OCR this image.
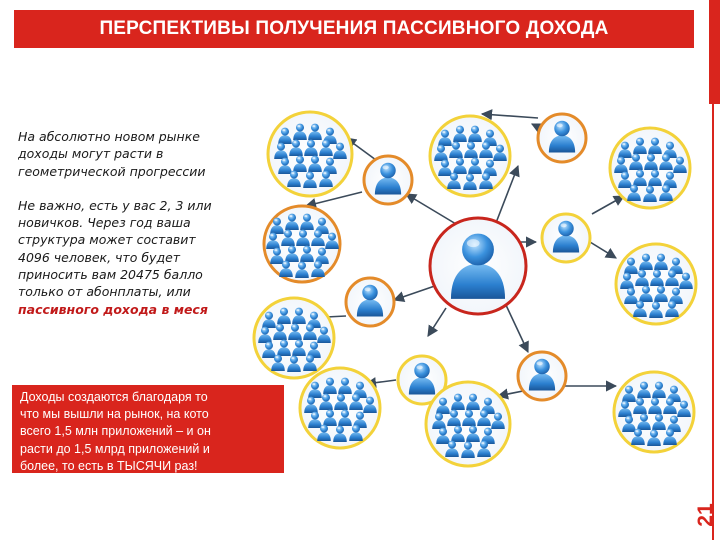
ПЕРСПЕКТИВЫ ПОЛУЧЕНИЯ ПАССИВНОГО ДОХОДА
21

На абсолютно новом рынке

доходы могут расти в

геометрической прогрессии

Не важно, есть у вас 2, 3 или

новичков. Через год ваша

структура может составит

4096 человек, что будет

приносить вам 20475 балло

только от абонплаты, или

пассивного дохода в меся

Доходы создаются благодаря то
что мы вышли на рынок, на кото
всего 1,5 млн приложений – и он
расти до 1,5 млрд приложений и
более, то есть в ТЫСЯЧИ раз!
